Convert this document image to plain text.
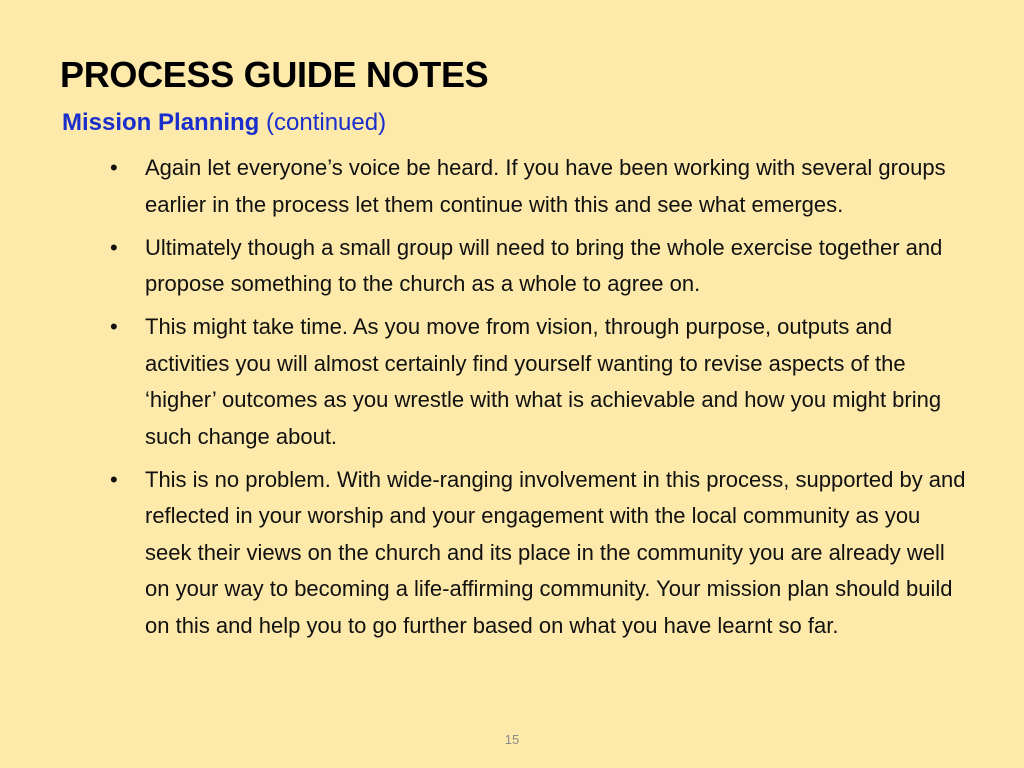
PROCESS GUIDE NOTES

Mission Planning (continued)

•	Again let everyone’s voice be heard. If you have been working with several groups earlier in the process let them continue with this and see what emerges.
•	Ultimately though a small group will need to bring the whole exercise together and propose something to the church as a whole to agree on.
•	This might take time. As you move from vision, through purpose, outputs and activities you will almost certainly find yourself wanting to revise aspects of the ‘higher’ outcomes as you wrestle with what is achievable and how you might bring such change about.
•	This is no problem. With wide-ranging involvement in this process, supported by and reflected in your worship and your engagement with the local community as you seek their views on the church and its place in the community you are already well on your way to becoming a life-affirming community. Your mission plan should build on this and help you to go further based on what you have learnt so far.
15
